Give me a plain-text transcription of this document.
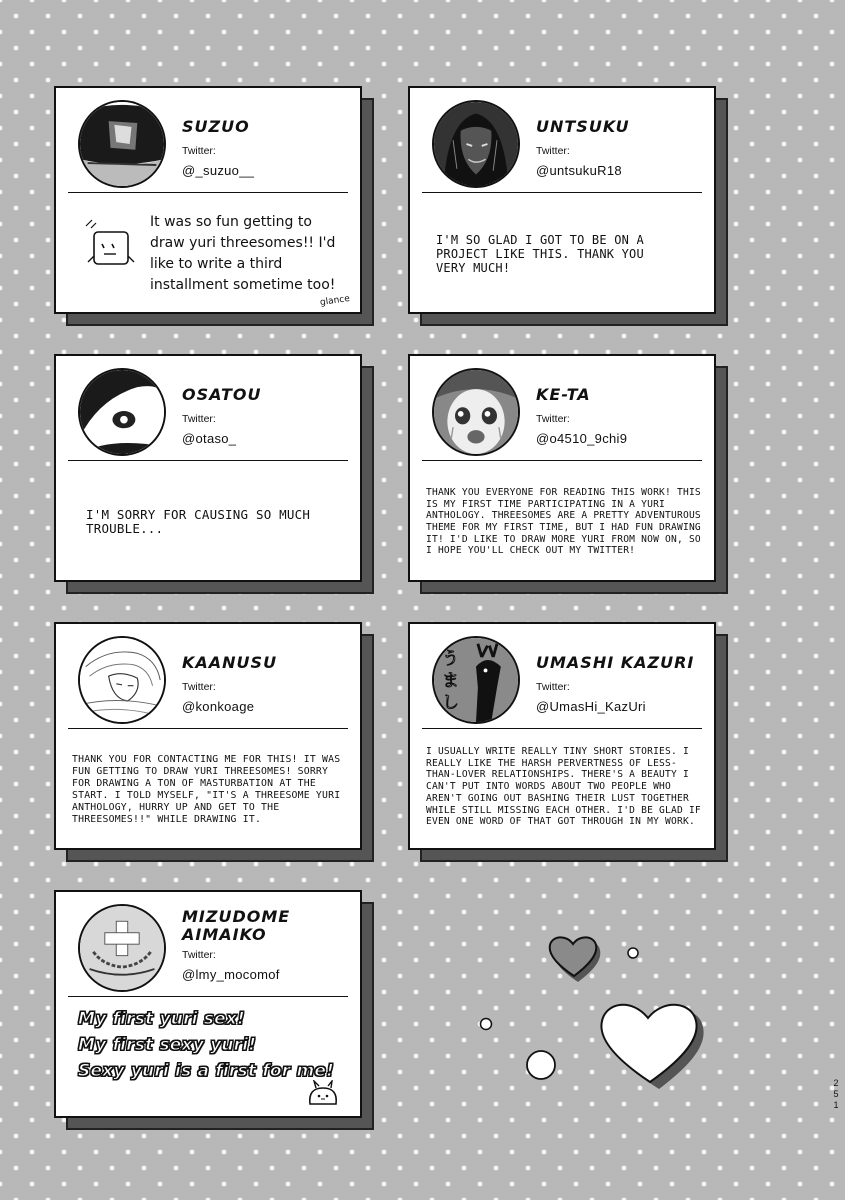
SUZUO
Twitter:
@_suzuo__
It was so fun getting to draw yuri threesomes!! I'd like to write a third installment sometime too!
glance
UNTSUKU
Twitter:
@untsukuR18
I'M SO GLAD I GOT TO BE ON A PROJECT LIKE THIS. THANK YOU VERY MUCH!
OSATOU
Twitter:
@otaso_
I'M SORRY FOR CAUSING SO MUCH TROUBLE...
KE-TA
Twitter:
@o4510_9chi9
THANK YOU EVERYONE FOR READING THIS WORK! THIS IS MY FIRST TIME PARTICIPATING IN A YURI ANTHOLOGY. THREESOMES ARE A PRETTY ADVENTUROUS THEME FOR MY FIRST TIME, BUT I HAD FUN DRAWING IT! I'D LIKE TO DRAW MORE YURI FROM NOW ON, SO I HOPE YOU'LL CHECK OUT MY TWITTER!
KAANUSU
Twitter:
@konkoage
THANK YOU FOR CONTACTING ME FOR THIS! IT WAS FUN GETTING TO DRAW YURI THREESOMES! SORRY FOR DRAWING A TON OF MASTURBATION AT THE START. I TOLD MYSELF, "IT'S A THREESOME YURI ANTHOLOGY, HURRY UP AND GET TO THE THREESOMES!!" WHILE DRAWING IT.
うまし
UMASHI KAZURI
Twitter:
@UmasHi_KazUri
I USUALLY WRITE REALLY TINY SHORT STORIES. I REALLY LIKE THE HARSH PERVERTNESS OF LESS-THAN-LOVER RELATIONSHIPS. THERE'S A BEAUTY I CAN'T PUT INTO WORDS ABOUT TWO PEOPLE WHO AREN'T GOING OUT BASHING THEIR LUST TOGETHER WHILE STILL MISSING EACH OTHER. I'D BE GLAD IF EVEN ONE WORD OF THAT GOT THROUGH IN MY WORK.
MIZUDOME AIMAIKO
Twitter:
@lmy_mocomof
My first yuri sex!
My first sexy yuri!
Sexy yuri is a first for me!
2
5
1
